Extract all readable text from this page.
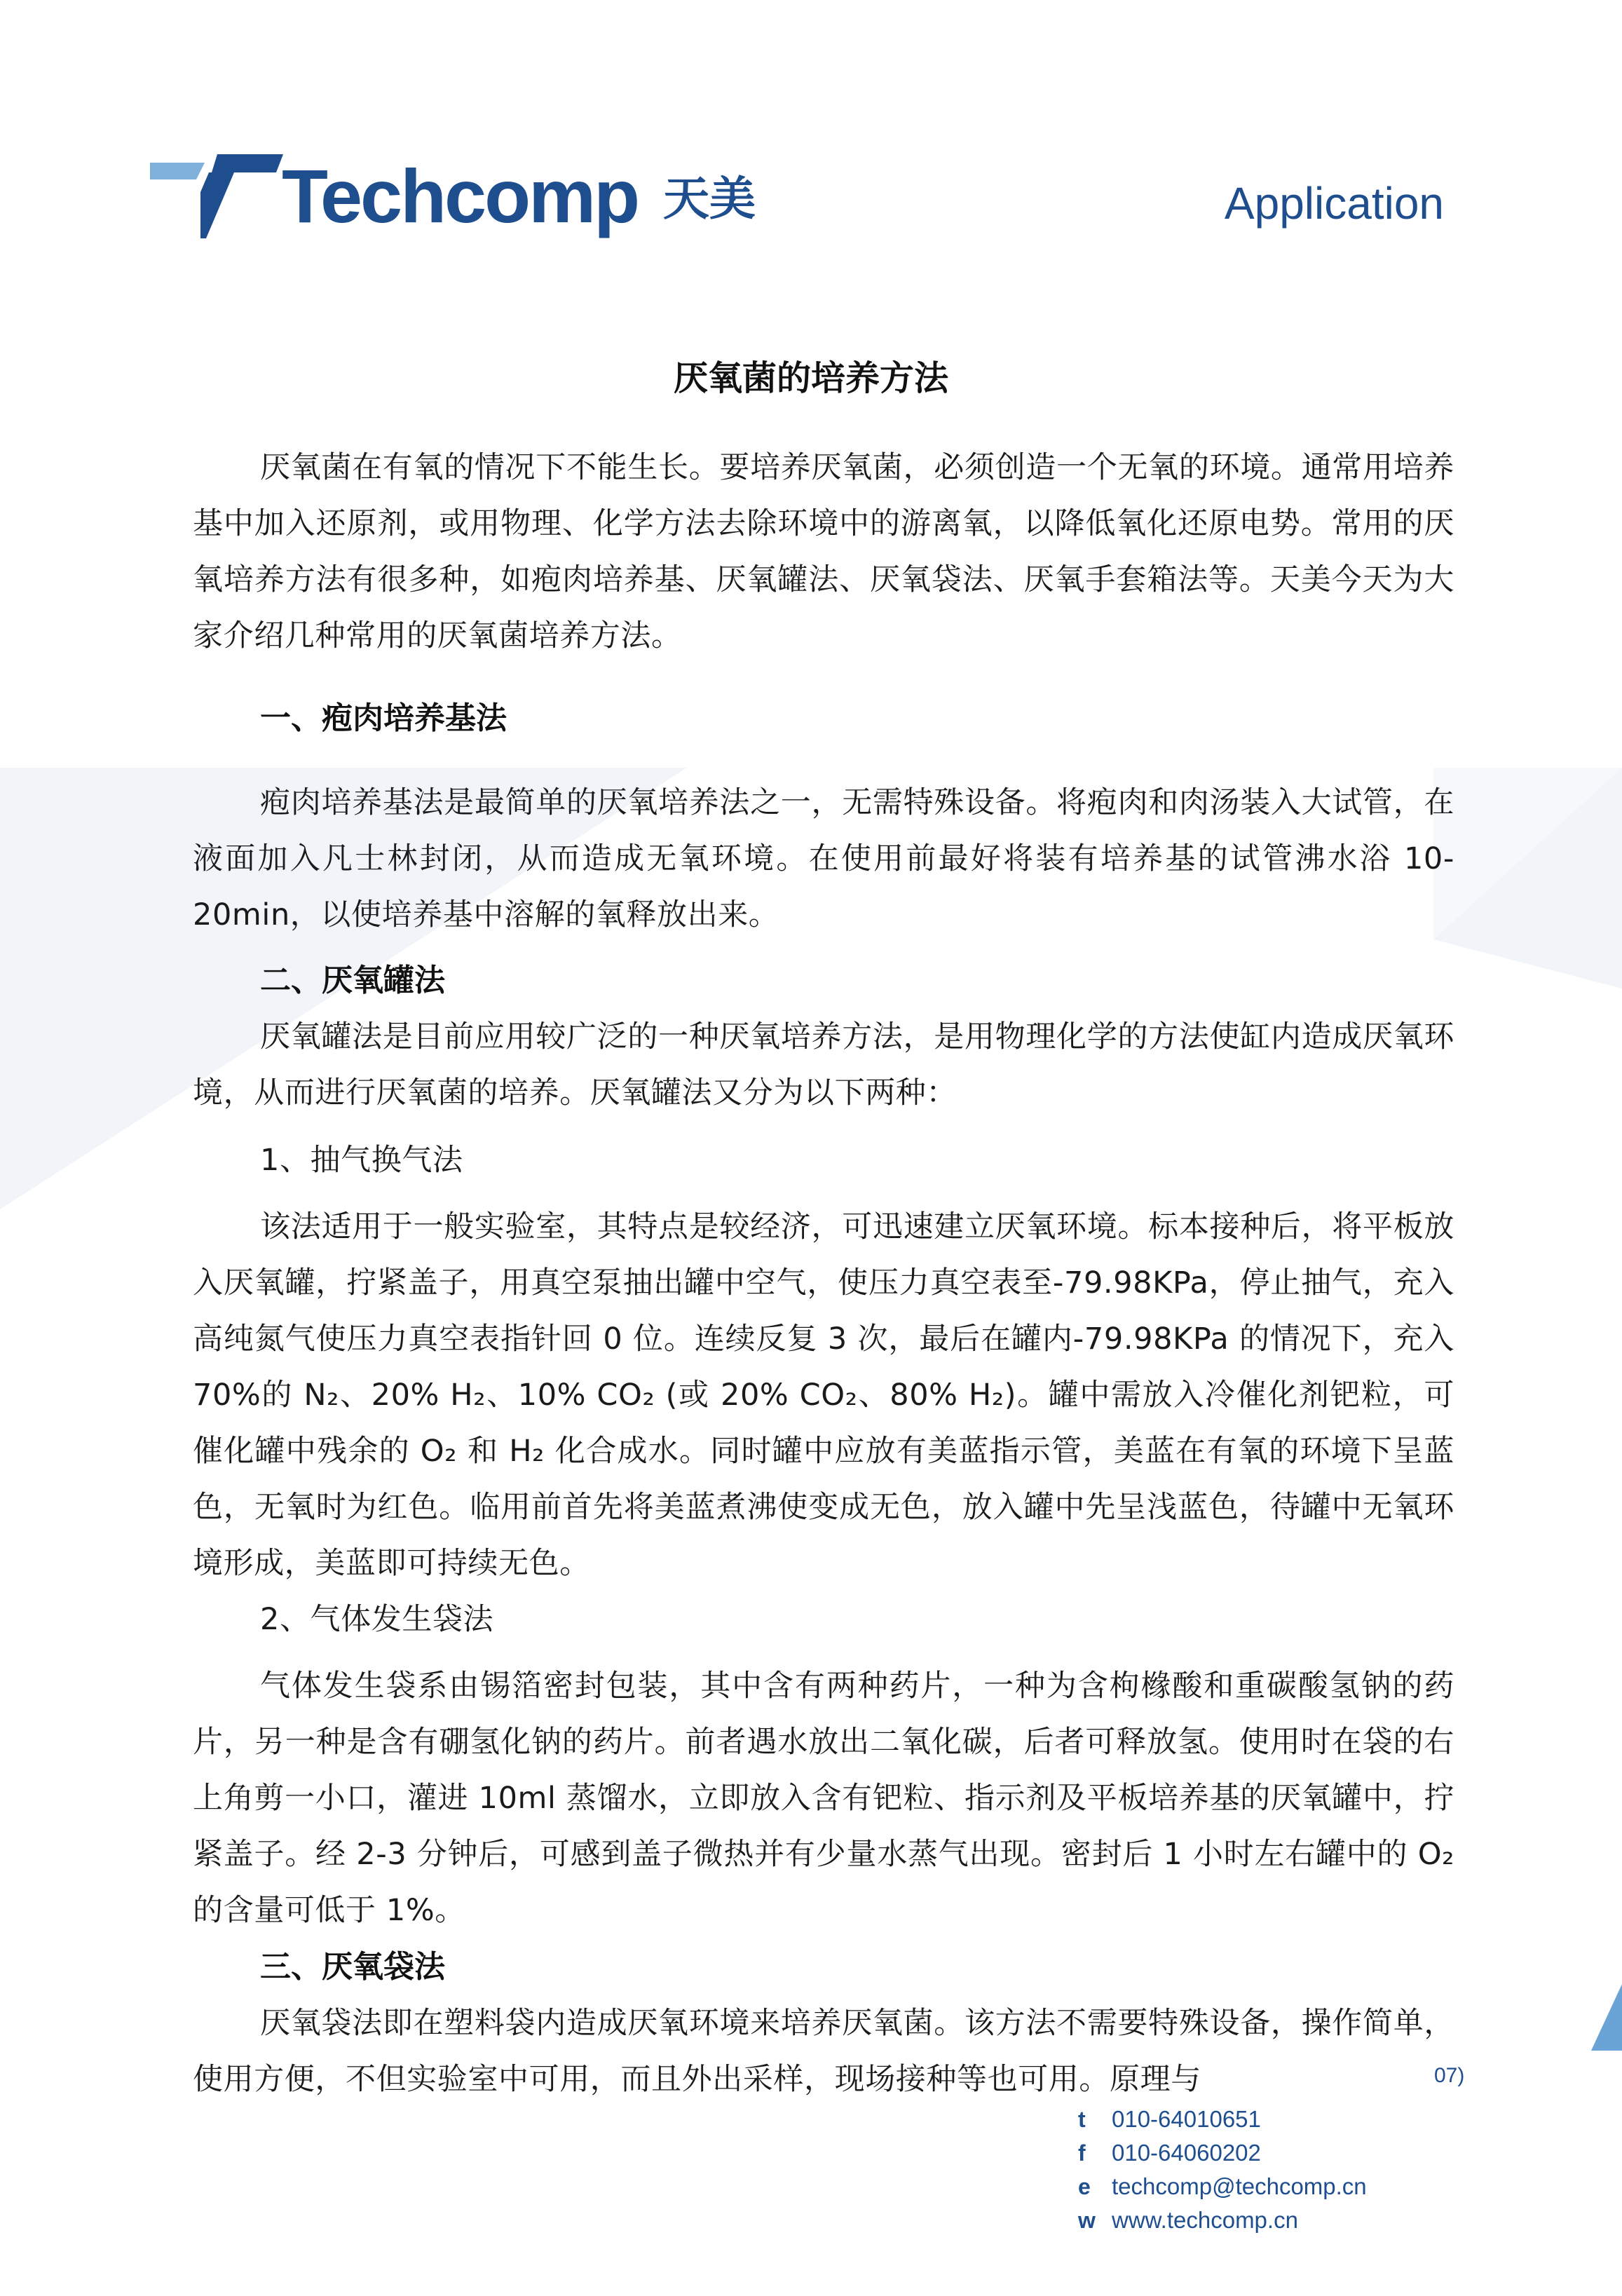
Techcomp 天美	Application
厌氧菌的培养方法

厌氧菌在有氧的情况下不能生长。要培养厌氧菌，必须创造一个无氧的环境。通常用培养基中加入还原剂，或用物理、化学方法去除环境中的游离氧，以降低氧化还原电势。常用的厌氧培养方法有很多种，如疱肉培养基、厌氧罐法、厌氧袋法、厌氧手套箱法等。天美今天为大家介绍几种常用的厌氧菌培养方法。

一、疱肉培养基法

疱肉培养基法是最简单的厌氧培养法之一，无需特殊设备。将疱肉和肉汤装入大试管，在液面加入凡士林封闭，从而造成无氧环境。在使用前最好将装有培养基的试管沸水浴 10-20min，以使培养基中溶解的氧释放出来。

二、厌氧罐法

厌氧罐法是目前应用较广泛的一种厌氧培养方法，是用物理化学的方法使缸内造成厌氧环境，从而进行厌氧菌的培养。厌氧罐法又分为以下两种：

1、抽气换气法

该法适用于一般实验室，其特点是较经济，可迅速建立厌氧环境。标本接种后，将平板放入厌氧罐，拧紧盖子，用真空泵抽出罐中空气，使压力真空表至-79.98KPa，停止抽气，充入高纯氮气使压力真空表指针回 0 位。连续反复 3 次，最后在罐内-79.98KPa 的情况下，充入 70%的 N₂、20% H₂、10% CO₂ (或 20% CO₂、80% H₂)。罐中需放入冷催化剂钯粒，可催化罐中残余的 O₂ 和 H₂ 化合成水。同时罐中应放有美蓝指示管，美蓝在有氧的环境下呈蓝色，无氧时为红色。临用前首先将美蓝煮沸使变成无色，放入罐中先呈浅蓝色，待罐中无氧环境形成，美蓝即可持续无色。

2、气体发生袋法

气体发生袋系由锡箔密封包装，其中含有两种药片，一种为含枸橼酸和重碳酸氢钠的药片，另一种是含有硼氢化钠的药片。前者遇水放出二氧化碳，后者可释放氢。使用时在袋的右上角剪一小口，灌进 10ml 蒸馏水，立即放入含有钯粒、指示剂及平板培养基的厌氧罐中，拧紧盖子。经 2-3 分钟后，可感到盖子微热并有少量水蒸气出现。密封后 1 小时左右罐中的 O₂ 的含量可低于 1%。

三、厌氧袋法

厌氧袋法即在塑料袋内造成厌氧环境来培养厌氧菌。该方法不需要特殊设备，操作简单，使用方便，不但实验室中可用，而且外出采样，现场接种等也可用。原理与	07)
t 010-64010651
f 010-64060202
e techcomp@techcomp.cn
w www.techcomp.cn
